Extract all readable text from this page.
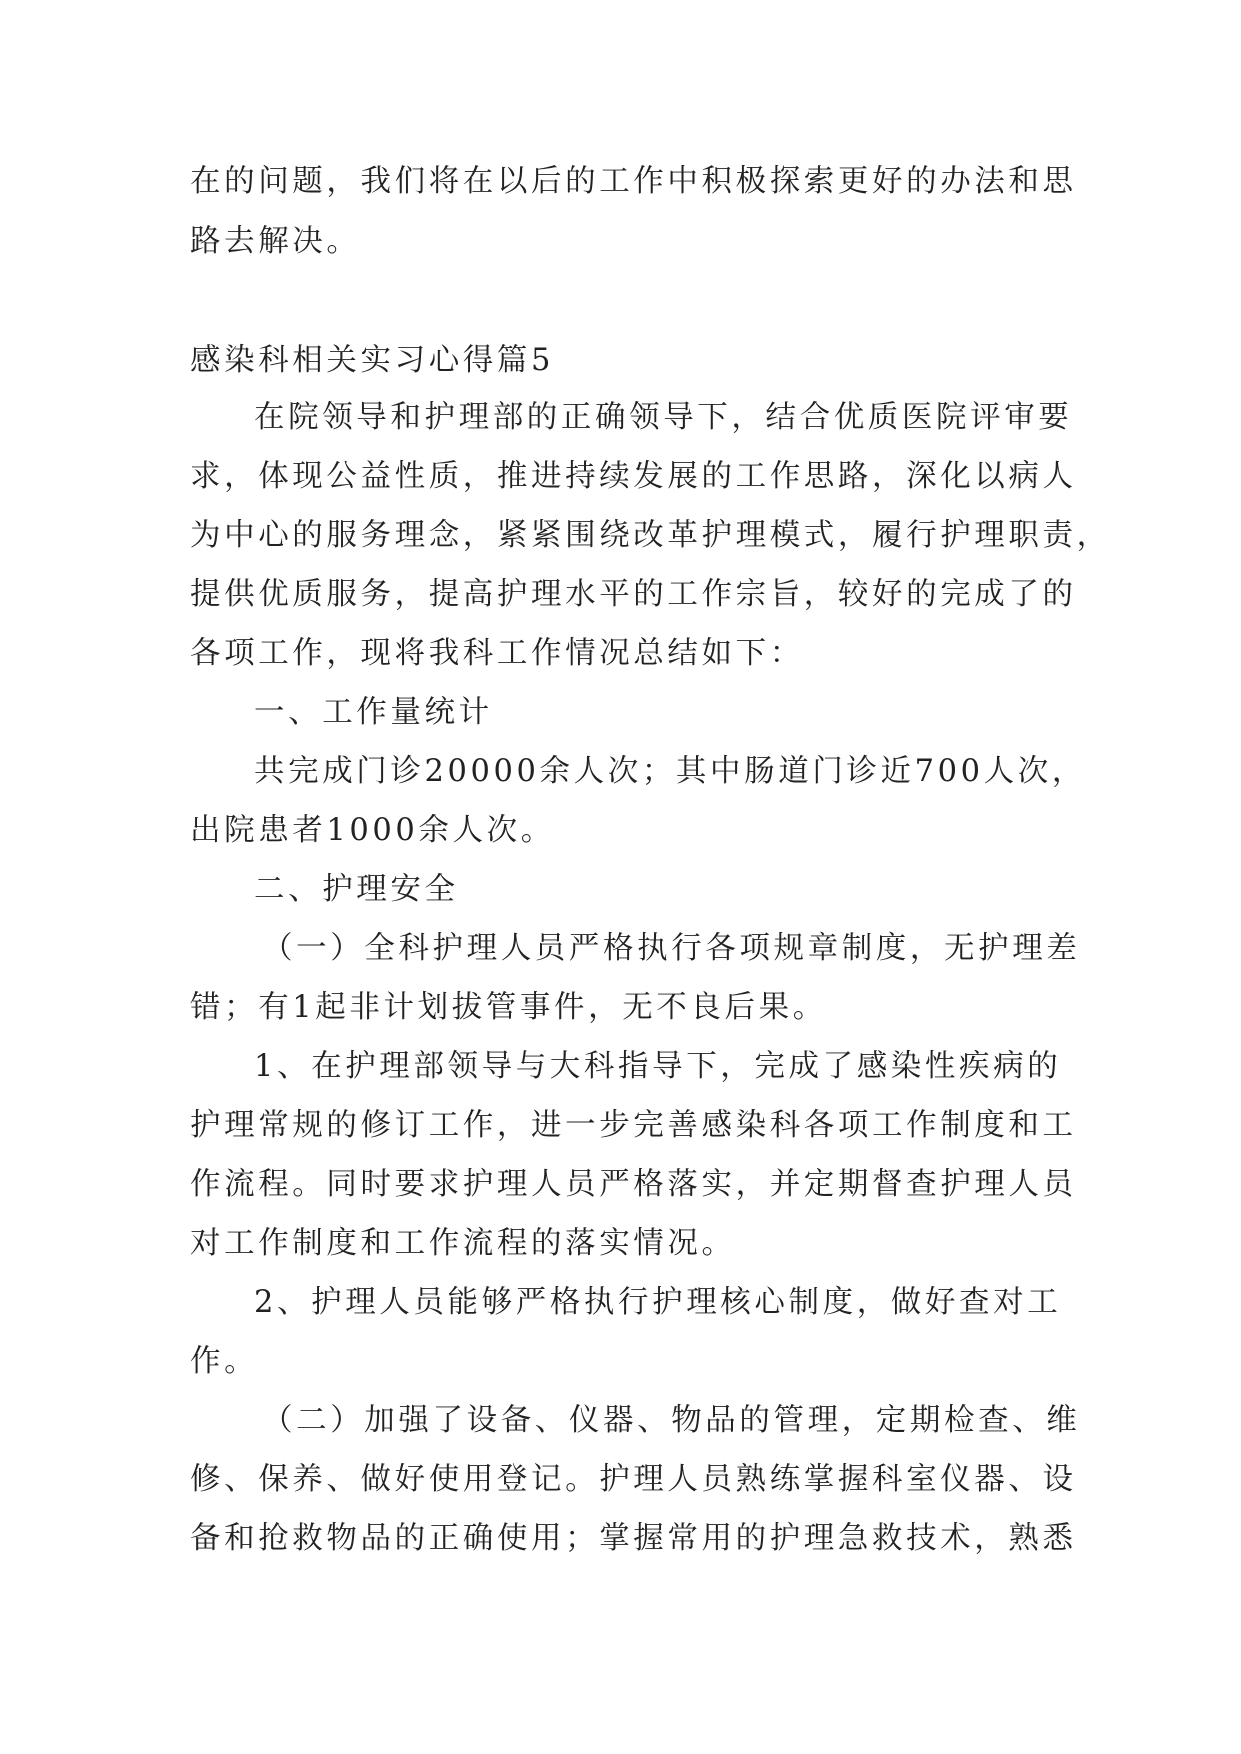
在的问题，我们将在以后的工作中积极探索更好的办法和思
路去解决。
感染科相关实习心得篇5
在院领导和护理部的正确领导下，结合优质医院评审要
求，体现公益性质，推进持续发展的工作思路，深化以病人
为中心的服务理念，紧紧围绕改革护理模式，履行护理职责，
提供优质服务，提高护理水平的工作宗旨，较好的完成了的
各项工作，现将我科工作情况总结如下：
一、工作量统计
共完成门诊20000余人次；其中肠道门诊近700人次，
出院患者1000余人次。
二、护理安全
（一）全科护理人员严格执行各项规章制度，无护理差
错；有1起非计划拔管事件，无不良后果。
1、在护理部领导与大科指导下，完成了感染性疾病的
护理常规的修订工作，进一步完善感染科各项工作制度和工
作流程。同时要求护理人员严格落实，并定期督查护理人员
对工作制度和工作流程的落实情况。
2、护理人员能够严格执行护理核心制度，做好查对工
作。
（二）加强了设备、仪器、物品的管理，定期检查、维
修、保养、做好使用登记。护理人员熟练掌握科室仪器、设
备和抢救物品的正确使用；掌握常用的护理急救技术，熟悉
